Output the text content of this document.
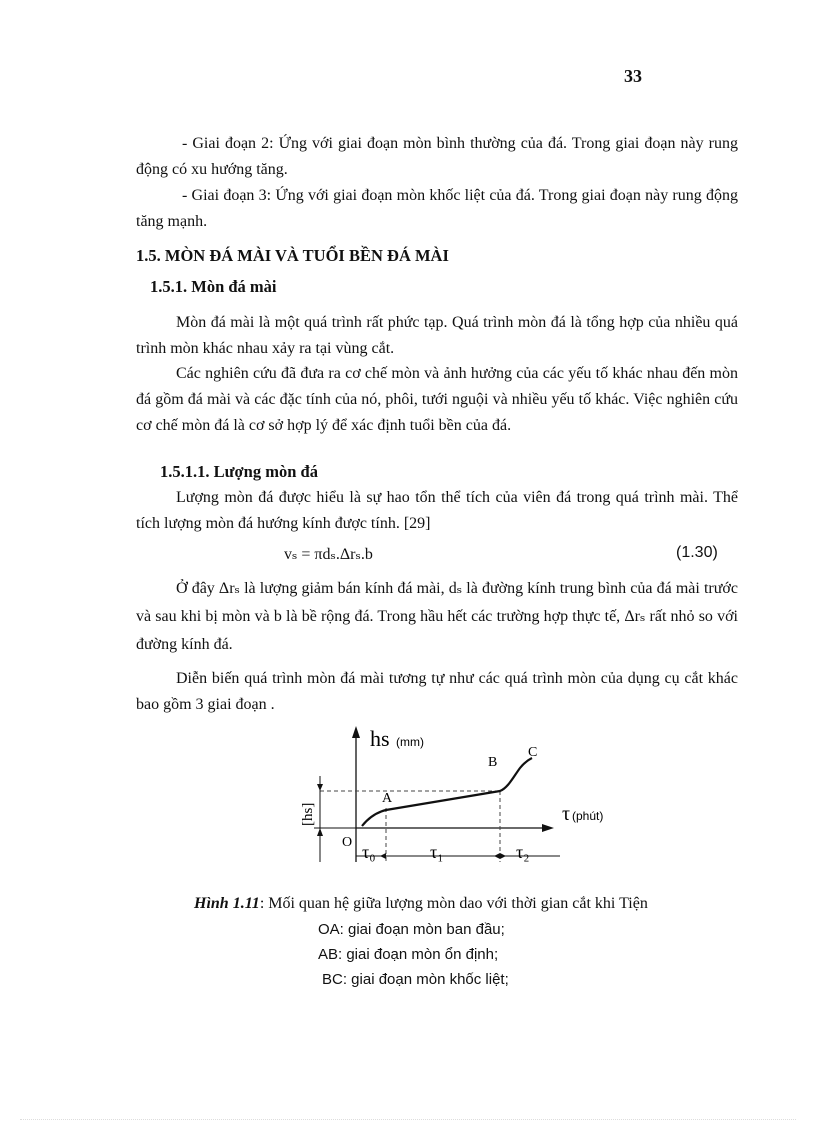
33

- Giai đoạn 2: Ứng với giai đoạn mòn bình thường của đá. Trong giai đoạn này rung động có xu hướng tăng.

- Giai đoạn 3: Ứng với giai đoạn mòn khốc liệt của đá. Trong giai đoạn này rung động tăng mạnh.

1.5. MÒN ĐÁ MÀI VÀ TUỔI BỀN ĐÁ MÀI
1.5.1. Mòn đá mài

Mòn đá mài là một quá trình rất phức tạp. Quá trình mòn đá là tổng hợp của nhiều quá trình mòn khác nhau xảy ra tại vùng cắt.

Các nghiên cứu đã đưa ra cơ chế mòn và ảnh hưởng của các yếu tố khác nhau đến mòn đá gồm đá mài và các đặc tính của nó, phôi, tưới nguội và nhiều yếu tố khác. Việc nghiên cứu cơ chế mòn đá là cơ sở hợp lý để xác định tuổi bền của đá.

1.5.1.1. Lượng mòn đá

Lượng mòn đá được hiểu là sự hao tổn thể tích của viên đá trong quá trình mài. Thể tích lượng mòn đá hướng kính được tính. [29]

vₛ = πdₛ.Δrₛ.b	(1.30)

Ở đây Δrₛ là lượng giảm bán kính đá mài, dₛ là đường kính trung bình của đá mài trước và sau khi bị mòn và b là bề rộng đá. Trong hầu hết các trường hợp thực tế, Δrₛ rất nhỏ so với đường kính đá.

Diễn biến quá trình mòn đá mài tương tự như các quá trình mòn của dụng cụ cắt khác bao gồm 3 giai đoạn .

hs (mm)
τ (phút)
O
A
B
C
[hs]
τ₀	τ₁	τ₂
Hình 1.11: Mối quan hệ giữa lượng mòn dao với thời gian cắt khi Tiện
OA: giai đoạn mòn ban đầu;
AB: giai đoạn mòn ổn định;
BC: giai đoạn mòn khốc liệt;
